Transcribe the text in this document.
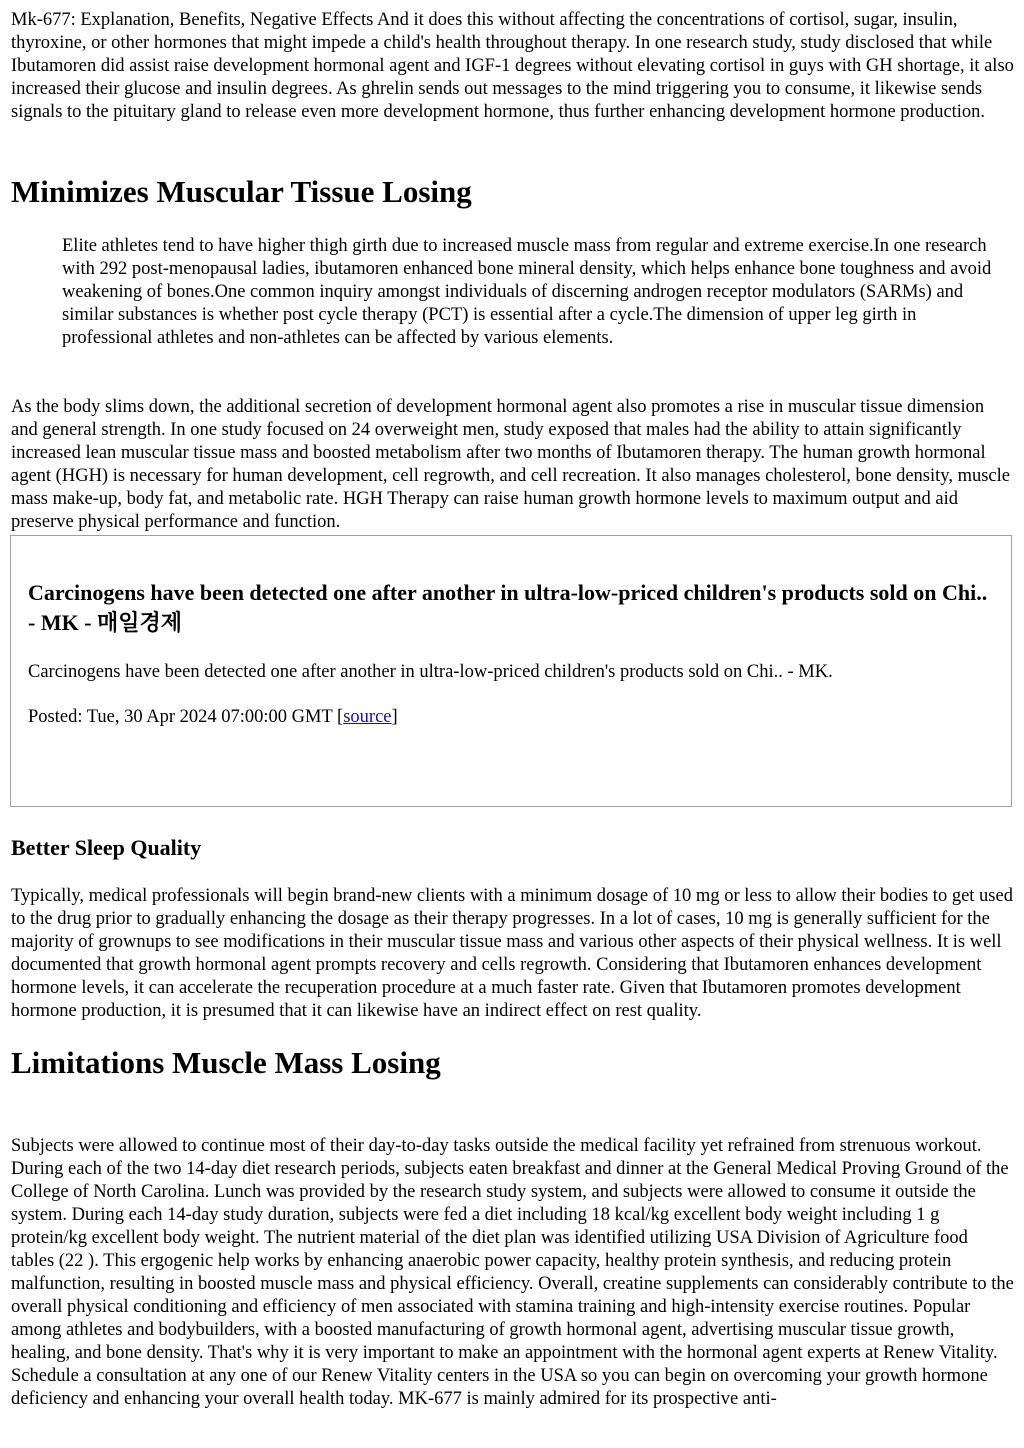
Mk-677: Explanation, Benefits, Negative Effects And it does this without affecting the concentrations of cortisol, sugar, insulin, thyroxine, or other hormones that might impede a child's health throughout therapy. In one research study, study disclosed that while Ibutamoren did assist raise development hormonal agent and IGF-1 degrees without elevating cortisol in guys with GH shortage, it also increased their glucose and insulin degrees. As ghrelin sends out messages to the mind triggering you to consume, it likewise sends signals to the pituitary gland to release even more development hormone, thus further enhancing development hormone production.

Minimizes Muscular Tissue Losing
Elite athletes tend to have higher thigh girth due to increased muscle mass from regular and extreme exercise.In one research with 292 post-menopausal ladies, ibutamoren enhanced bone mineral density, which helps enhance bone toughness and avoid weakening of bones.One common inquiry amongst individuals of discerning androgen receptor modulators (SARMs) and similar substances is whether post cycle therapy (PCT) is essential after a cycle.The dimension of upper leg girth in professional athletes and non-athletes can be affected by various elements.

As the body slims down, the additional secretion of development hormonal agent also promotes a rise in muscular tissue dimension and general strength. In one study focused on 24 overweight men, study exposed that males had the ability to attain significantly increased lean muscular tissue mass and boosted metabolism after two months of Ibutamoren therapy. The human growth hormonal agent (HGH) is necessary for human development, cell regrowth, and cell recreation. It also manages cholesterol, bone density, muscle mass make-up, body fat, and metabolic rate. HGH Therapy can raise human growth hormone levels to maximum output and aid preserve physical performance and function.

Carcinogens have been detected one after another in ultra-low-priced children's products sold on Chi.. - MK - 매일경제

Carcinogens have been detected one after another in ultra-low-priced children's products sold on Chi.. - MK.

Posted: Tue, 30 Apr 2024 07:00:00 GMT [source]

Better Sleep Quality

Typically, medical professionals will begin brand-new clients with a minimum dosage of 10 mg or less to allow their bodies to get used to the drug prior to gradually enhancing the dosage as their therapy progresses. In a lot of cases, 10 mg is generally sufficient for the majority of grownups to see modifications in their muscular tissue mass and various other aspects of their physical wellness. It is well documented that growth hormonal agent prompts recovery and cells regrowth. Considering that Ibutamoren enhances development hormone levels, it can accelerate the recuperation procedure at a much faster rate. Given that Ibutamoren promotes development hormone production, it is presumed that it can likewise have an indirect effect on rest quality.

Limitations Muscle Mass Losing

Subjects were allowed to continue most of their day-to-day tasks outside the medical facility yet refrained from strenuous workout. During each of the two 14-day diet research periods, subjects eaten breakfast and dinner at the General Medical Proving Ground of the College of North Carolina. Lunch was provided by the research study system, and subjects were allowed to consume it outside the system. During each 14-day study duration, subjects were fed a diet including 18 kcal/kg excellent body weight including 1 g protein/kg excellent body weight. The nutrient material of the diet plan was identified utilizing USA Division of Agriculture food tables (22 ). This ergogenic help works by enhancing anaerobic power capacity, healthy protein synthesis, and reducing protein malfunction, resulting in boosted muscle mass and physical efficiency. Overall, creatine supplements can considerably contribute to the overall physical conditioning and efficiency of men associated with stamina training and high-intensity exercise routines. Popular among athletes and bodybuilders, with a boosted manufacturing of growth hormonal agent, advertising muscular tissue growth, healing, and bone density. That's why it is very important to make an appointment with the hormonal agent experts at Renew Vitality. Schedule a consultation at any one of our Renew Vitality centers in the USA so you can begin on overcoming your growth hormone deficiency and enhancing your overall health today. MK-677 is mainly admired for its prospective anti-
